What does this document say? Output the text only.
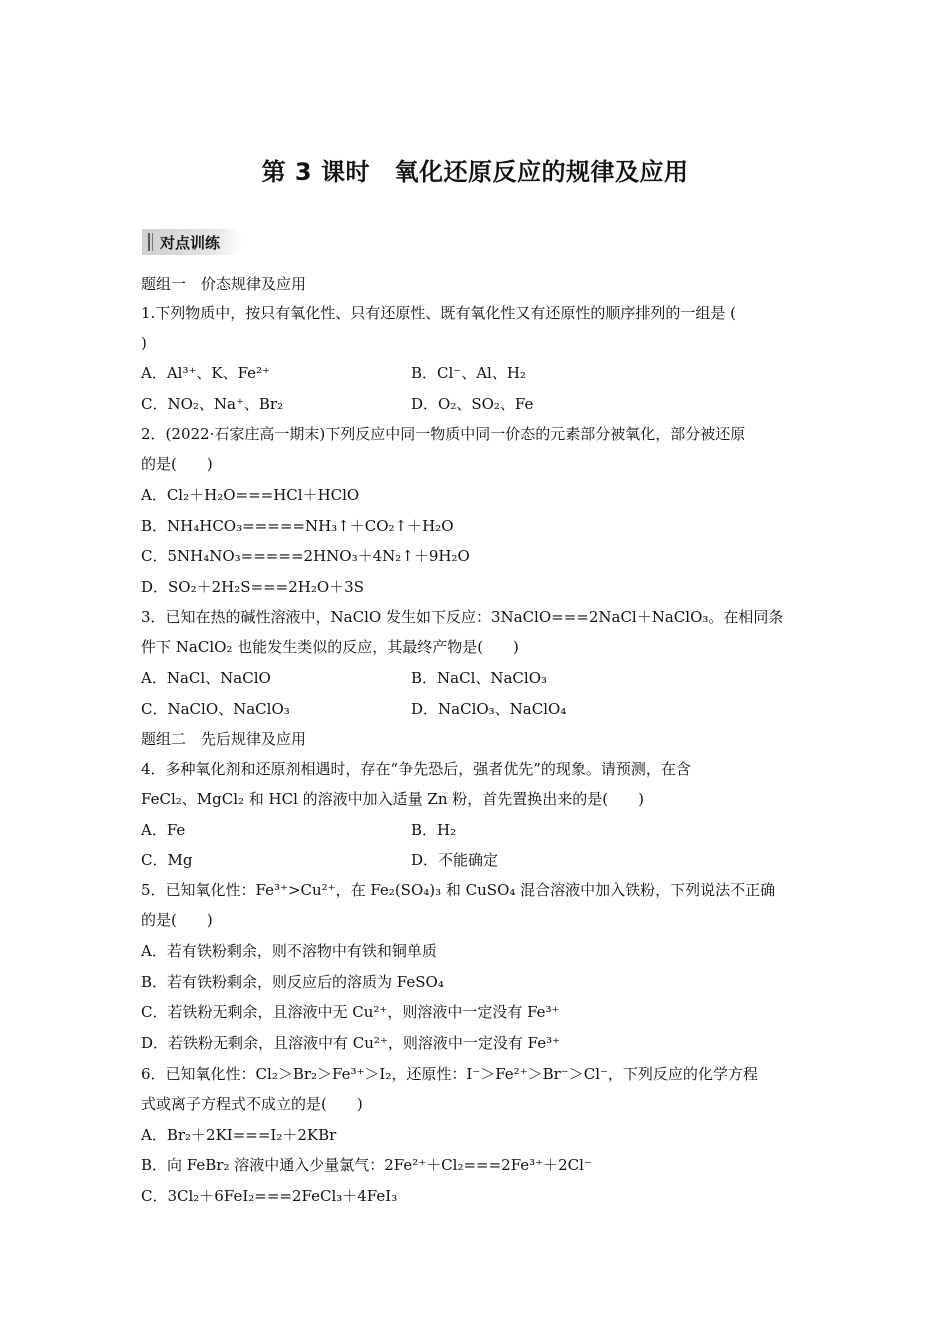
第 3 课时　氧化还原反应的规律及应用
对点训练
题组一　价态规律及应用
1.下列物质中，按只有氧化性、只有还原性、既有氧化性又有还原性的顺序排列的一组是 (
)
A．Al³⁺、K、Fe²⁺	B．Cl⁻、Al、H₂
C．NO₂、Na⁺、Br₂	D．O₂、SO₂、Fe
2．(2022·石家庄高一期末)下列反应中同一物质中同一价态的元素部分被氧化，部分被还原
的是(　　)
A．Cl₂＋H₂O===HCl＋HClO
B．NH₄HCO₃=====NH₃↑＋CO₂↑＋H₂O
C．5NH₄NO₃=====2HNO₃＋4N₂↑＋9H₂O
D．SO₂＋2H₂S===2H₂O＋3S
3．已知在热的碱性溶液中，NaClO 发生如下反应：3NaClO===2NaCl＋NaClO₃。在相同条
件下 NaClO₂ 也能发生类似的反应，其最终产物是(　　)
A．NaCl、NaClO	B．NaCl、NaClO₃
C．NaClO、NaClO₃	D．NaClO₃、NaClO₄
题组二　先后规律及应用
4．多种氧化剂和还原剂相遇时，存在“争先恐后，强者优先”的现象。请预测，在含
FeCl₂、MgCl₂ 和 HCl 的溶液中加入适量 Zn 粉，首先置换出来的是(　　)
A．Fe	B．H₂
C．Mg	D．不能确定
5．已知氧化性：Fe³⁺>Cu²⁺，在 Fe₂(SO₄)₃ 和 CuSO₄ 混合溶液中加入铁粉，下列说法不正确
的是(　　)
A．若有铁粉剩余，则不溶物中有铁和铜单质
B．若有铁粉剩余，则反应后的溶质为 FeSO₄
C．若铁粉无剩余，且溶液中无 Cu²⁺，则溶液中一定没有 Fe³⁺
D．若铁粉无剩余，且溶液中有 Cu²⁺，则溶液中一定没有 Fe³⁺
6．已知氧化性：Cl₂＞Br₂＞Fe³⁺＞I₂，还原性：I⁻＞Fe²⁺＞Br⁻＞Cl⁻，下列反应的化学方程
式或离子方程式不成立的是(　　)
A．Br₂＋2KI===I₂＋2KBr
B．向 FeBr₂ 溶液中通入少量氯气：2Fe²⁺＋Cl₂===2Fe³⁺＋2Cl⁻
C．3Cl₂＋6FeI₂===2FeCl₃＋4FeI₃
